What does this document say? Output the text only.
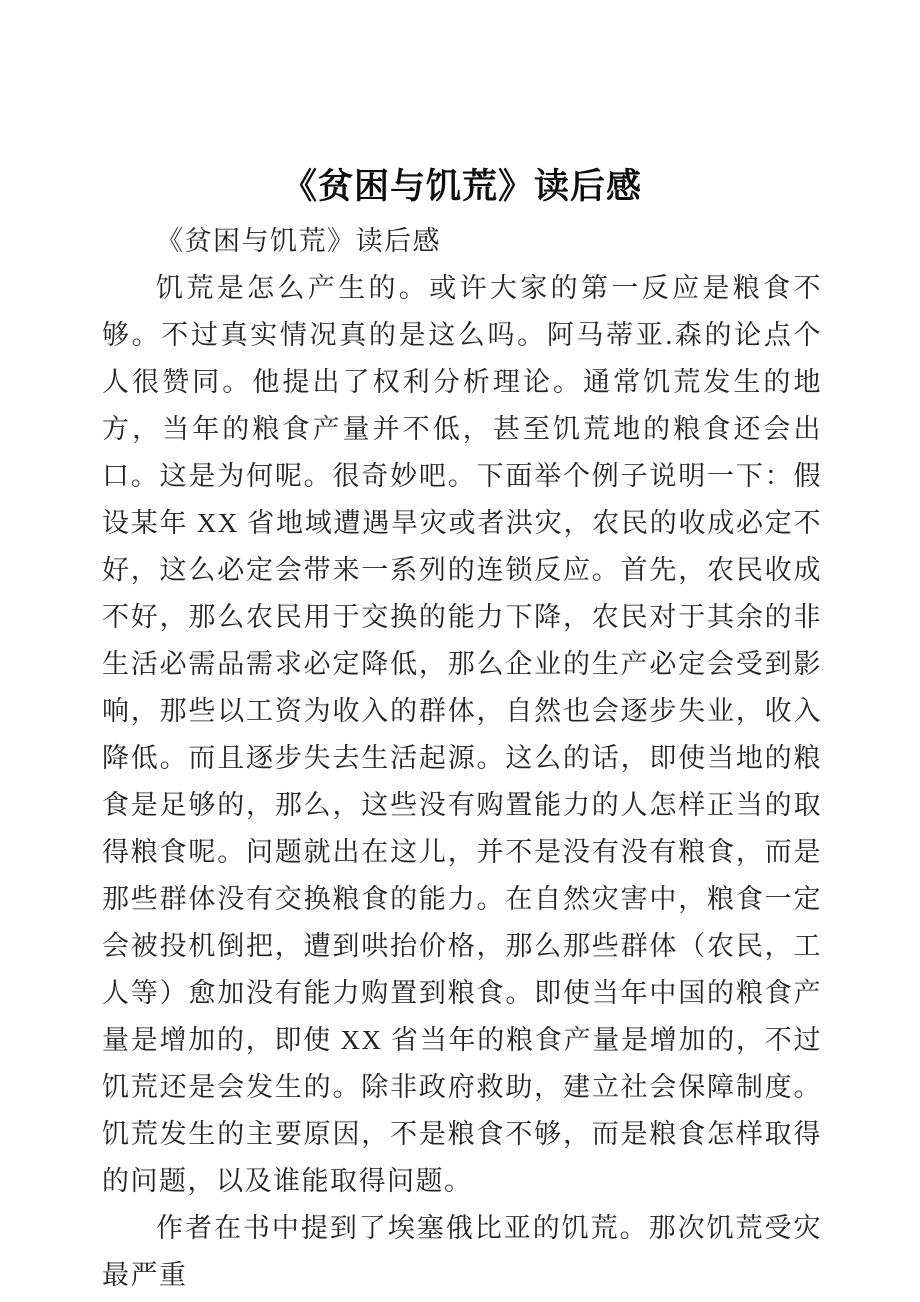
《贫困与饥荒》读后感

《贫困与饥荒》读后感

饥荒是怎么产生的。或许大家的第一反应是粮食不够。不过真实情况真的是这么吗。阿马蒂亚.森的论点个人很赞同。他提出了权利分析理论。通常饥荒发生的地方，当年的粮食产量并不低，甚至饥荒地的粮食还会出口。这是为何呢。很奇妙吧。下面举个例子说明一下：假设某年 XX 省地域遭遇旱灾或者洪灾，农民的收成必定不好，这么必定会带来一系列的连锁反应。首先，农民收成不好，那么农民用于交换的能力下降，农民对于其余的非生活必需品需求必定降低，那么企业的生产必定会受到影响，那些以工资为收入的群体，自然也会逐步失业，收入降低。而且逐步失去生活起源。这么的话，即使当地的粮食是足够的，那么，这些没有购置能力的人怎样正当的取得粮食呢。问题就出在这儿，并不是没有没有粮食，而是那些群体没有交换粮食的能力。在自然灾害中，粮食一定会被投机倒把，遭到哄抬价格，那么那些群体（农民，工人等）愈加没有能力购置到粮食。即使当年中国的粮食产量是增加的，即使 XX 省当年的粮食产量是增加的，不过饥荒还是会发生的。除非政府救助，建立社会保障制度。饥荒发生的主要原因，不是粮食不够，而是粮食怎样取得的问题，以及谁能取得问题。

作者在书中提到了埃塞俄比亚的饥荒。那次饥荒受灾最严重
